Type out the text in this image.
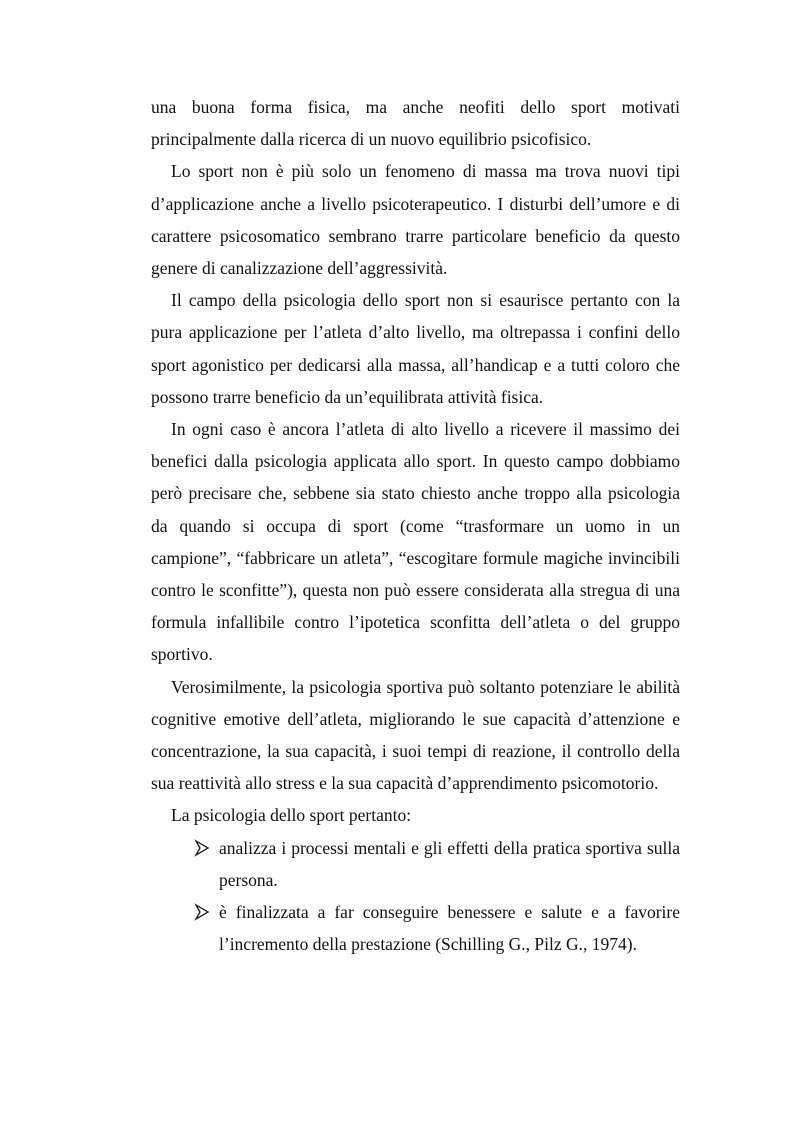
una buona forma fisica, ma anche neofiti dello sport motivati principalmente dalla ricerca di un nuovo equilibrio psicofisico.

Lo sport non è più solo un fenomeno di massa ma trova nuovi tipi d’applicazione anche a livello psicoterapeutico. I disturbi dell’umore e di carattere psicosomatico sembrano trarre particolare beneficio da questo genere di canalizzazione dell’aggressività.

Il campo della psicologia dello sport non si esaurisce pertanto con la pura applicazione per l’atleta d’alto livello, ma oltrepassa i confini dello sport agonistico per dedicarsi alla massa, all’handicap e a tutti coloro che possono trarre beneficio da un’equilibrata attività fisica.

In ogni caso è ancora l’atleta di alto livello a ricevere il massimo dei benefici dalla psicologia applicata allo sport. In questo campo dobbiamo però precisare che, sebbene sia stato chiesto anche troppo alla psicologia da quando si occupa di sport (come “trasformare un uomo in un campione”, “fabbricare un atleta”, “escogitare formule magiche invincibili contro le sconfitte”), questa non può essere considerata alla stregua di una formula infallibile contro l’ipotetica sconfitta dell’atleta o del gruppo sportivo.

Verosimilmente, la psicologia sportiva può soltanto potenziare le abilità cognitive emotive dell’atleta, migliorando le sue capacità d’attenzione e concentrazione, la sua capacità, i suoi tempi di reazione, il controllo della sua reattività allo stress e la sua capacità d’apprendimento psicomotorio.

La psicologia dello sport pertanto:

analizza i processi mentali e gli effetti della pratica sportiva sulla persona.
è finalizzata a far conseguire benessere e salute e a favorire l’incremento della prestazione (Schilling G., Pilz G., 1974).
